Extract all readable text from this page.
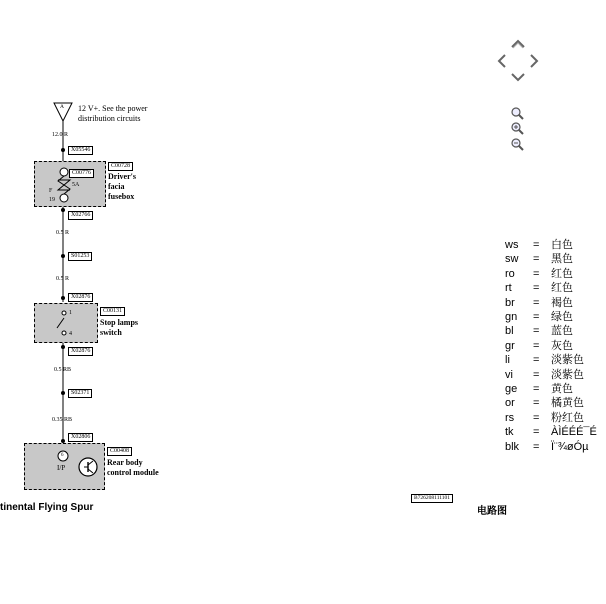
A 12 V+. See the power
distribution circuits
12.0 R
X05546
5A
F
19
C00776
C00728
Driver's
facia
fusebox
X02766
0.5 R
S01253
0.5 R
X02876
1
4
C00131
Stop lamps
switch
X02876
0.5 RB
S02371
0.35 RB
X02806
6
I/P
C00408
Rear body
control module
tinental Flying Spur
B726208111101
电路图
ws	=	白色
sw	=	黑色
ro	=	红色
rt	=	红色
br	=	褐色
gn	=	绿色
bl	=	蓝色
gr	=	灰色
li	=	淡紫色
vi	=	淡紫色
ge	=	黄色
or	=	橘黄色
rs	=	粉红色
tk	=	ÀÌÉÉÉ¯É
blk	=	Ï¨¾øÓµ
